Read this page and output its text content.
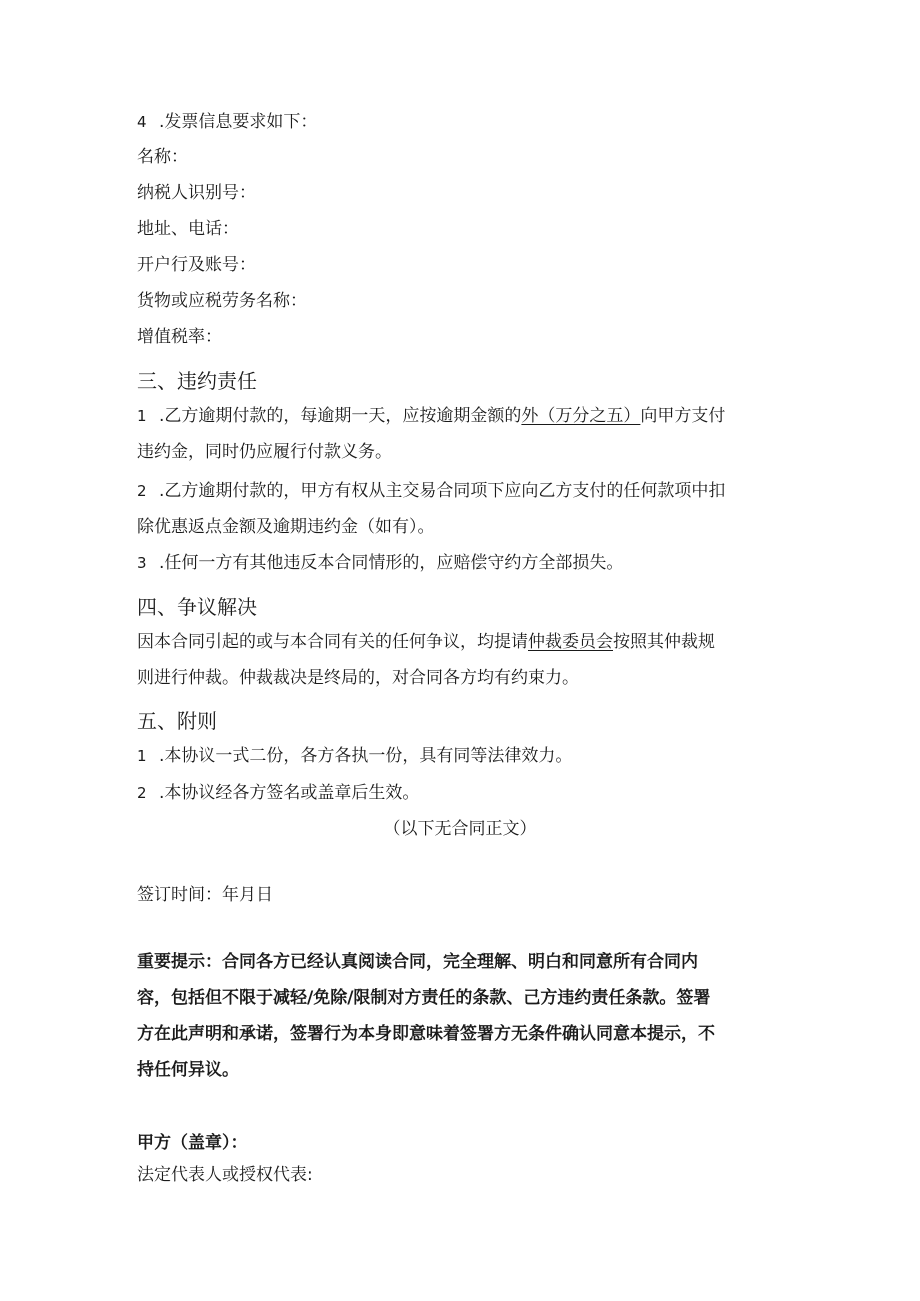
4 .发票信息要求如下：
名称：
纳税人识别号：
地址、电话：
开户行及账号：
货物或应税劳务名称：
增值税率：
三、违约责任
1 .乙方逾期付款的，每逾期一天，应按逾期金额的外（万分之五）向甲方支付
违约金，同时仍应履行付款义务。
2 .乙方逾期付款的，甲方有权从主交易合同项下应向乙方支付的任何款项中扣
除优惠返点金额及逾期违约金（如有）。
3 .任何一方有其他违反本合同情形的，应赔偿守约方全部损失。
四、争议解决
因本合同引起的或与本合同有关的任何争议，均提请仲裁委员会按照其仲裁规
则进行仲裁。仲裁裁决是终局的，对合同各方均有约束力。
五、附则
1 .本协议一式二份，各方各执一份，具有同等法律效力。
2 .本协议经各方签名或盖章后生效。
（以下无合同正文）
签订时间：年月日
重要提示：合同各方已经认真阅读合同，完全理解、明白和同意所有合同内
容，包括但不限于减轻/免除/限制对方责任的条款、己方违约责任条款。签署
方在此声明和承诺，签署行为本身即意味着签署方无条件确认同意本提示，不
持任何异议。
甲方（盖章）：
法定代表人或授权代表:
